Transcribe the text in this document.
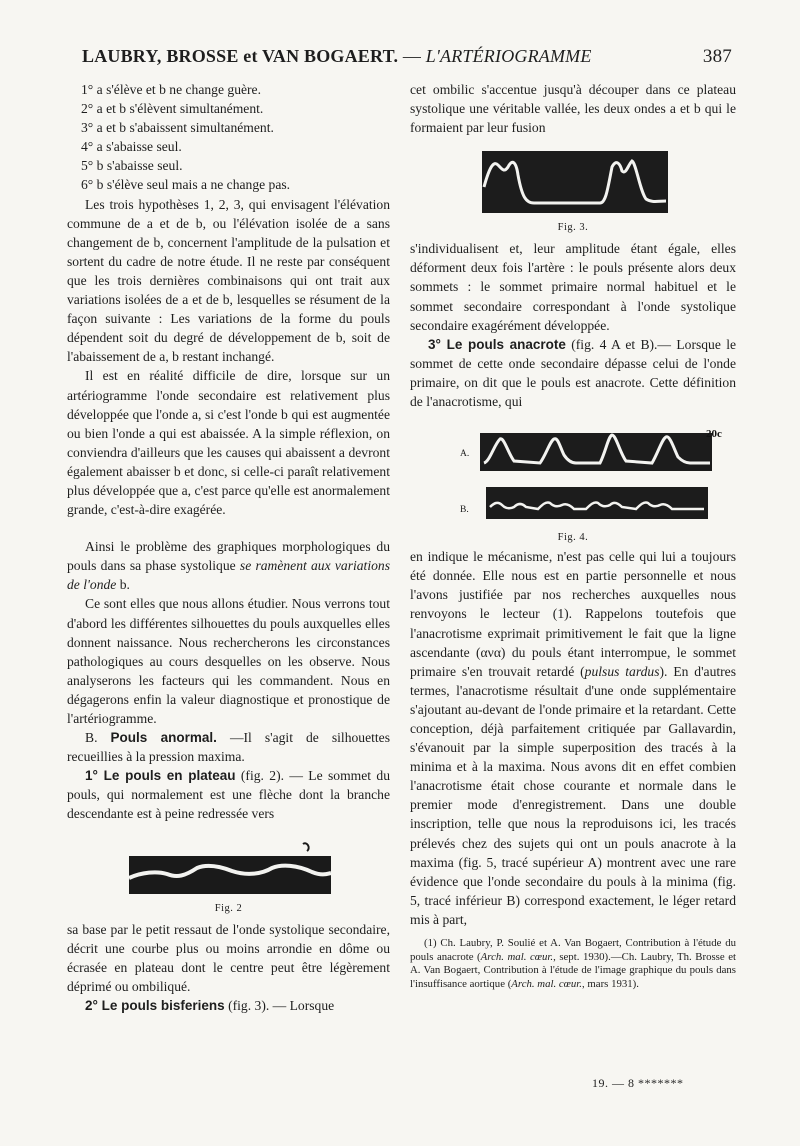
LAUBRY, BROSSE et VAN BOGAERT. — L'ARTÉRIOGRAMME	387
1° a s'élève et b ne change guère.
2° a et b s'élèvent simultanément.
3° a et b s'abaissent simultanément.
4° a s'abaisse seul.
5° b s'abaisse seul.
6° b s'élève seul mais a ne change pas.

Les trois hypothèses 1, 2, 3, qui envisagent l'élévation commune de a et de b, ou l'élévation isolée de a sans changement de b, concernent l'amplitude de la pulsation et sortent du cadre de notre étude. Il ne reste par conséquent que les trois dernières combinaisons qui ont trait aux variations isolées de a et de b, lesquelles se résument de la façon suivante : Les variations de la forme du pouls dépendent soit du degré de développement de b, soit de l'abaissement de a, b restant inchangé.

Il est en réalité difficile de dire, lorsque sur un artériogramme l'onde secondaire est relativement plus développée que l'onde a, si c'est l'onde b qui est augmentée ou bien l'onde a qui est abaissée. A la simple réflexion, on conviendra d'ailleurs que les causes qui abaissent a devront également abaisser b et donc, si celle-ci paraît relativement plus développée que a, c'est parce qu'elle est anormalement grande, c'est-à-dire exagérée.

Ainsi le problème des graphiques morphologiques du pouls dans sa phase systolique se ramènent aux variations de l'onde b.

Ce sont elles que nous allons étudier. Nous verrons tout d'abord les différentes silhouettes du pouls auxquelles elles donnent naissance. Nous rechercherons les circonstances pathologiques au cours desquelles on les observe. Nous analyserons les facteurs qui les commandent. Nous en dégagerons enfin la valeur diagnostique et pronostique de l'artériogramme.

B. Pouls anormal. —Il s'agit de silhouettes recueillies à la pression maxima.

1° Le pouls en plateau (fig. 2). — Le sommet du pouls, qui normalement est une flèche dont la branche descendante est à peine redressée vers

Fig. 2

sa base par le petit ressaut de l'onde systolique secondaire, décrit une courbe plus ou moins arrondie en dôme ou écrasée en plateau dont le centre peut être légèrement déprimé ou ombiliqué.

2° Le pouls bisferiens (fig. 3). — Lorsque

cet ombilic s'accentue jusqu'à découper dans ce plateau systolique une véritable vallée, les deux ondes a et b qui le formaient par leur fusion

Fig. 3.

s'individualisent et, leur amplitude étant égale, elles déforment deux fois l'artère : le pouls présente alors deux sommets : le sommet primaire normal habituel et le sommet secondaire correspondant à l'onde systolique secondaire exagérément développée.

3° Le pouls anacrote (fig. 4 A et B).— Lorsque le sommet de cette onde secondaire dépasse celui de l'onde primaire, on dit que le pouls est anacrote. Cette définition de l'anacrotisme, qui

A.
20c
B.
Fig. 4.

en indique le mécanisme, n'est pas celle qui lui a toujours été donnée. Elle nous est en partie personnelle et nous l'avons justifiée par nos recherches auxquelles nous renvoyons le lecteur (1). Rappelons toutefois que l'anacrotisme exprimait primitivement le fait que la ligne ascendante (ανα) du pouls étant interrompue, le sommet primaire s'en trouvait retardé (pulsus tardus). En d'autres termes, l'anacrotisme résultait d'une onde supplémentaire s'ajoutant au-devant de l'onde primaire et la retardant. Cette conception, déjà parfaitement critiquée par Gallavardin, s'évanouit par la simple superposition des tracés à la minima et à la maxima. Nous avons dit en effet combien l'anacrotisme était chose courante et normale dans le premier mode d'enregistrement. Dans une double inscription, telle que nous la reproduisons ici, les tracés prélevés chez des sujets qui ont un pouls anacrote à la maxima (fig. 5, tracé supérieur A) montrent avec une rare évidence que l'onde secondaire du pouls à la minima (fig. 5, tracé inférieur B) correspond exactement, le léger retard mis à part,

(1) Ch. Laubry, P. Soulié et A. Van Bogaert, Contribution à l'étude du pouls anacrote (Arch. mal. cœur., sept. 1930).—Ch. Laubry, Th. Brosse et A. Van Bogaert, Contribution à l'étude de l'image graphique du pouls dans l'insuffisance aortique (Arch. mal. cœur., mars 1931).

19. — 8 *******
